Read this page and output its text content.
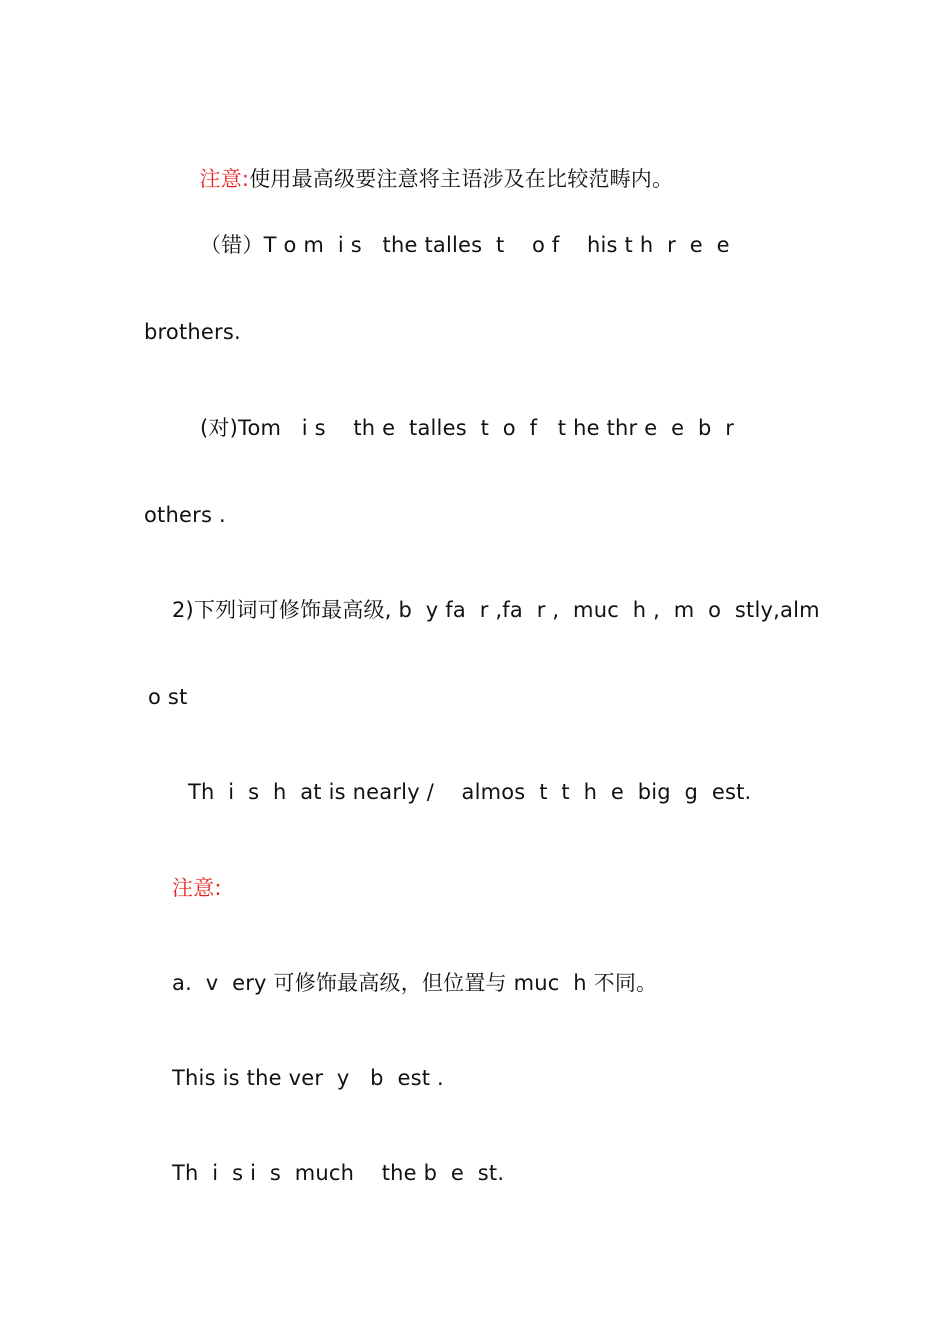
注意:使用最高级要注意将主语涉及在比较范畴内。

（错）T o m  i s   the talles  t    o f    his t h  r  e  e
brothers.
(对)Tom   i s    th e  talles  t  o  f   t he thr e  e  b  r
others .
2)下列词可修饰最高级, b  y fa  r ,fa  r ,  muc  h ,  m  o  stly,alm
o st
Th  i  s  h  at is nearly /    almos  t  t  h  e  big  g  est.
注意:
a.  v  ery 可修饰最高级，但位置与 muc  h 不同。
This is the ver  y   b  est .
Th  i  s i  s  much    the b  e  st.
